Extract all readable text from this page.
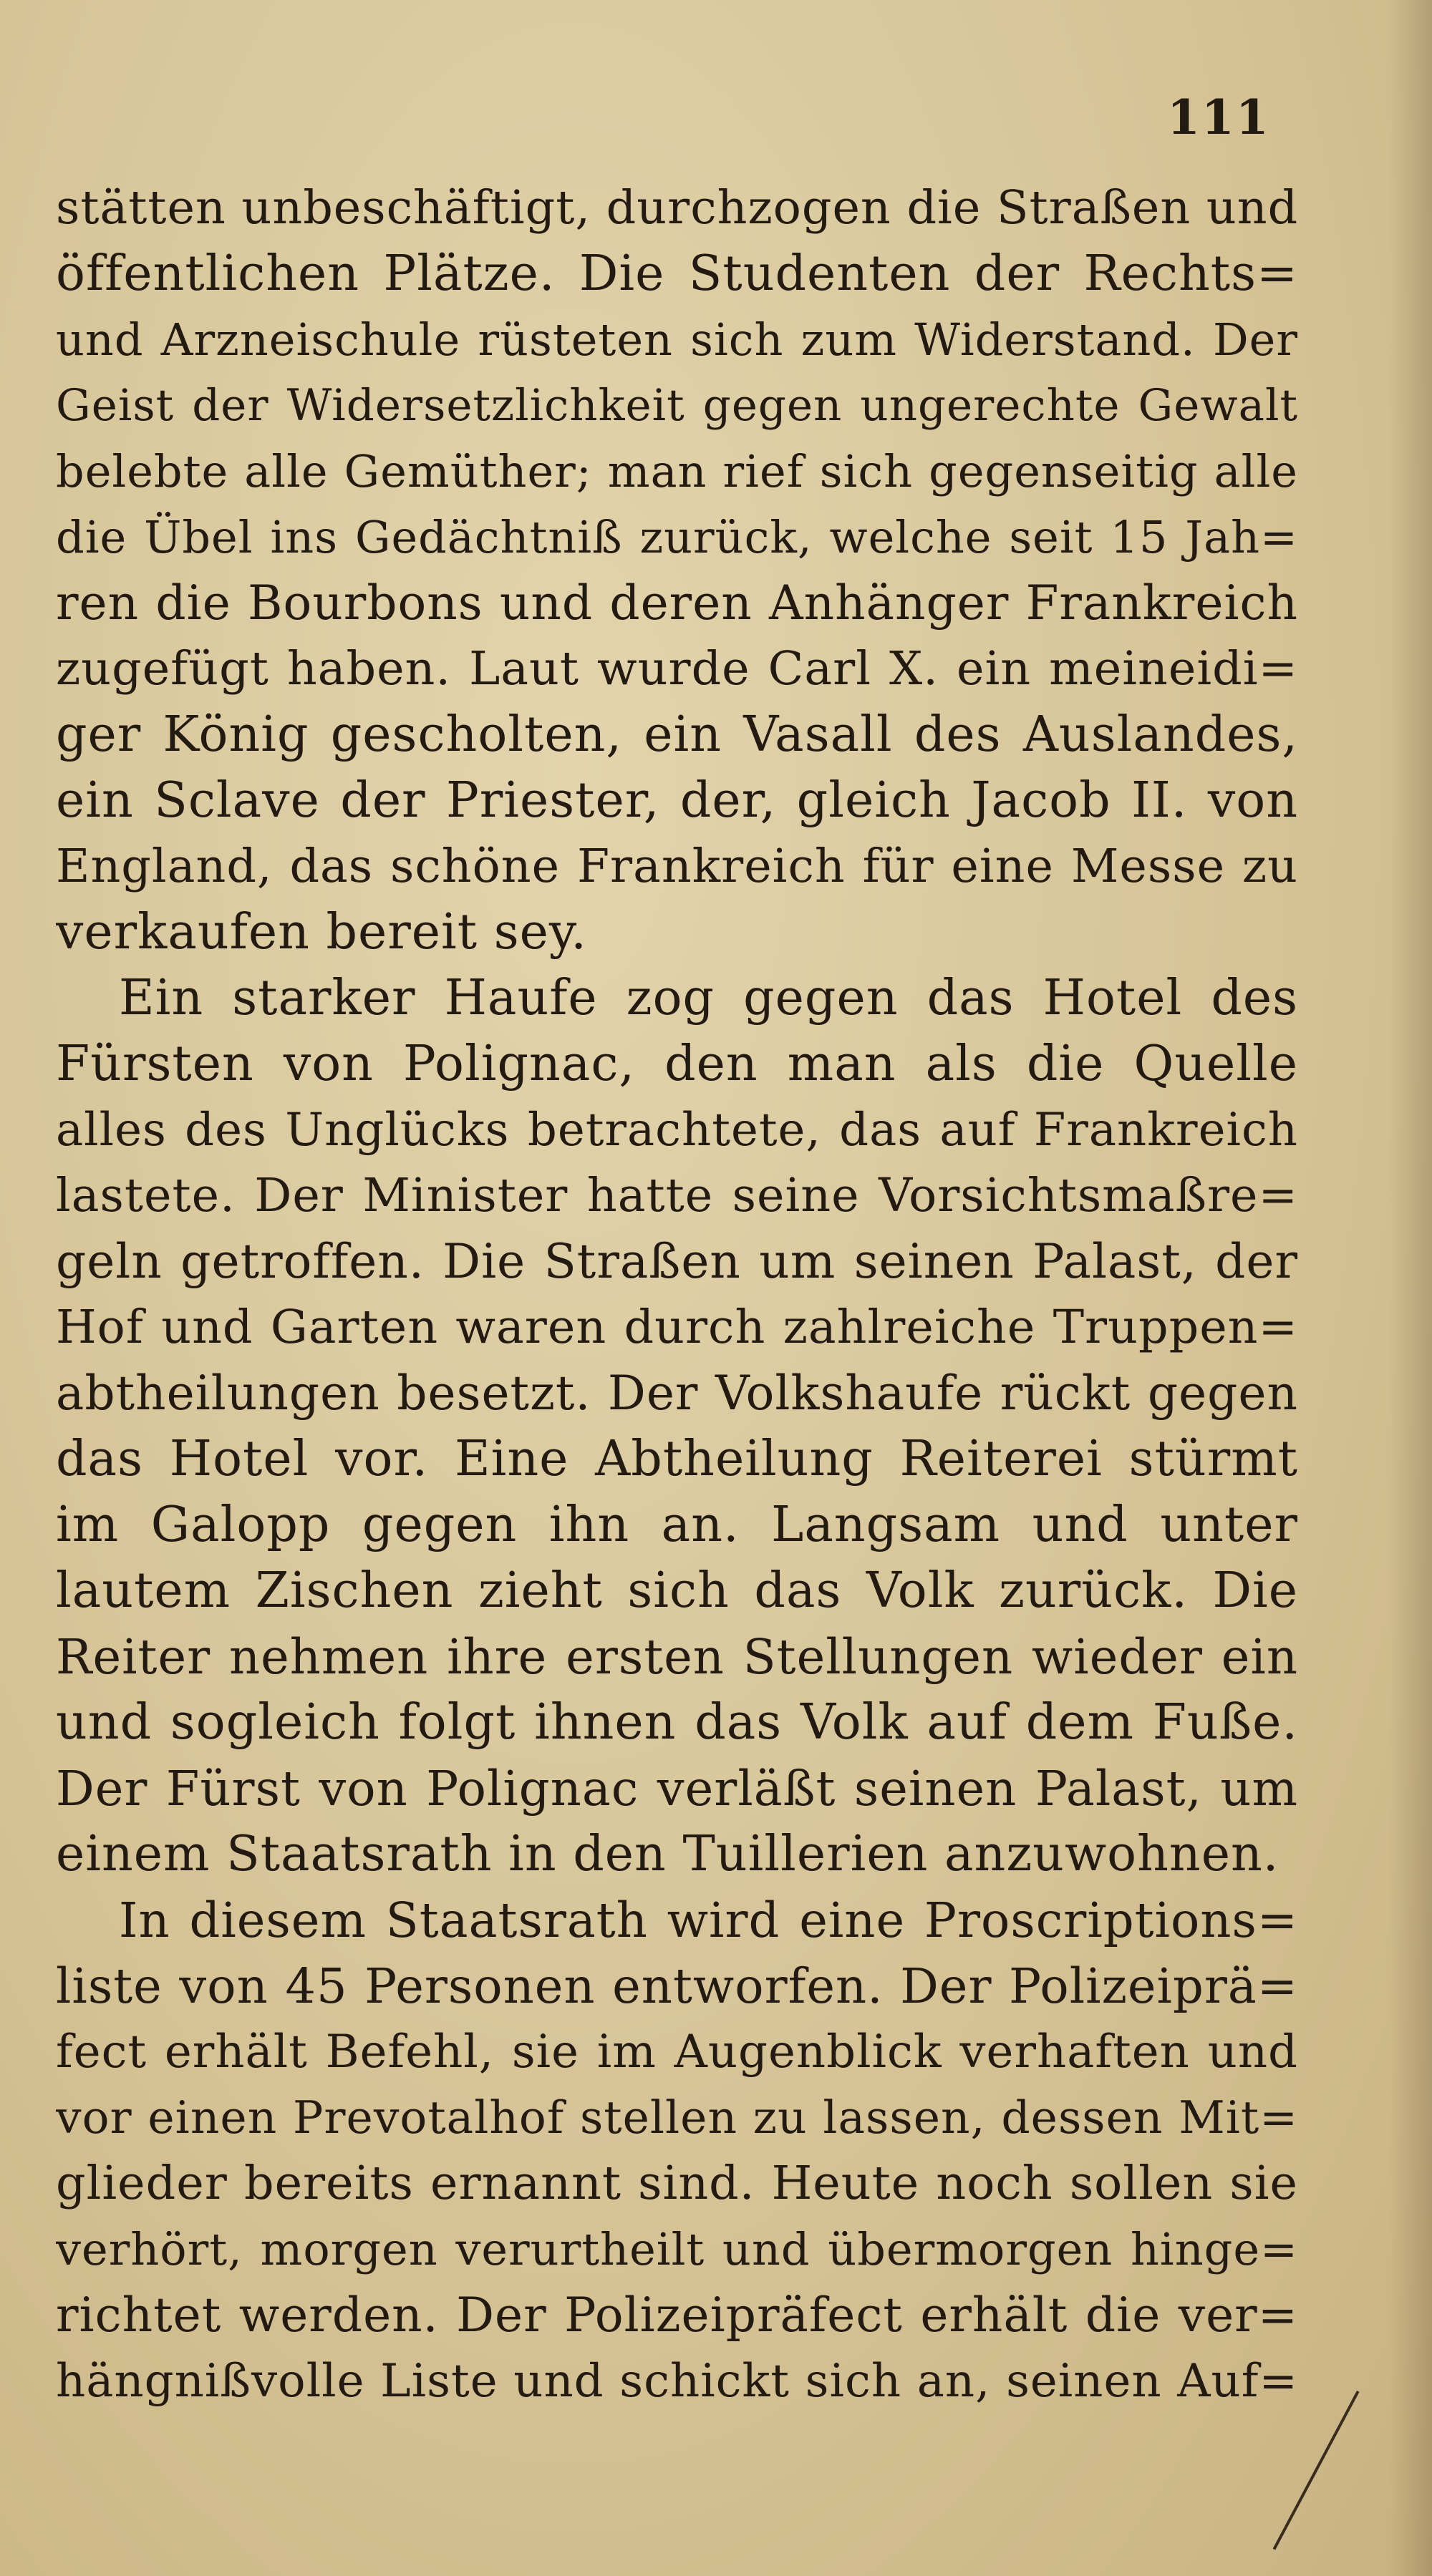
111
stätten unbeschäftigt, durchzogen die Straßen und
öffentlichen Plätze. Die Studenten der Rechts=
und Arzneischule rüsteten sich zum Widerstand. Der
Geist der Widersetzlichkeit gegen ungerechte Gewalt
belebte alle Gemüther; man rief sich gegenseitig alle
die Übel ins Gedächtniß zurück, welche seit 15 Jah=
ren die Bourbons und deren Anhänger Frankreich
zugefügt haben. Laut wurde Carl X. ein meineidi=
ger König gescholten, ein Vasall des Auslandes,
ein Sclave der Priester, der, gleich Jacob II. von
England, das schöne Frankreich für eine Messe zu
verkaufen bereit sey.
Ein starker Haufe zog gegen das Hotel des
Fürsten von Polignac, den man als die Quelle
alles des Unglücks betrachtete, das auf Frankreich
lastete. Der Minister hatte seine Vorsichtsmaßre=
geln getroffen. Die Straßen um seinen Palast, der
Hof und Garten waren durch zahlreiche Truppen=
abtheilungen besetzt. Der Volkshaufe rückt gegen
das Hotel vor. Eine Abtheilung Reiterei stürmt
im Galopp gegen ihn an. Langsam und unter
lautem Zischen zieht sich das Volk zurück. Die
Reiter nehmen ihre ersten Stellungen wieder ein
und sogleich folgt ihnen das Volk auf dem Fuße.
Der Fürst von Polignac verläßt seinen Palast, um
einem Staatsrath in den Tuillerien anzuwohnen.
In diesem Staatsrath wird eine Proscriptions=
liste von 45 Personen entworfen. Der Polizeiprä=
fect erhält Befehl, sie im Augenblick verhaften und
vor einen Prevotalhof stellen zu lassen, dessen Mit=
glieder bereits ernannt sind. Heute noch sollen sie
verhört, morgen verurtheilt und übermorgen hinge=
richtet werden. Der Polizeipräfect erhält die ver=
hängnißvolle Liste und schickt sich an, seinen Auf=
